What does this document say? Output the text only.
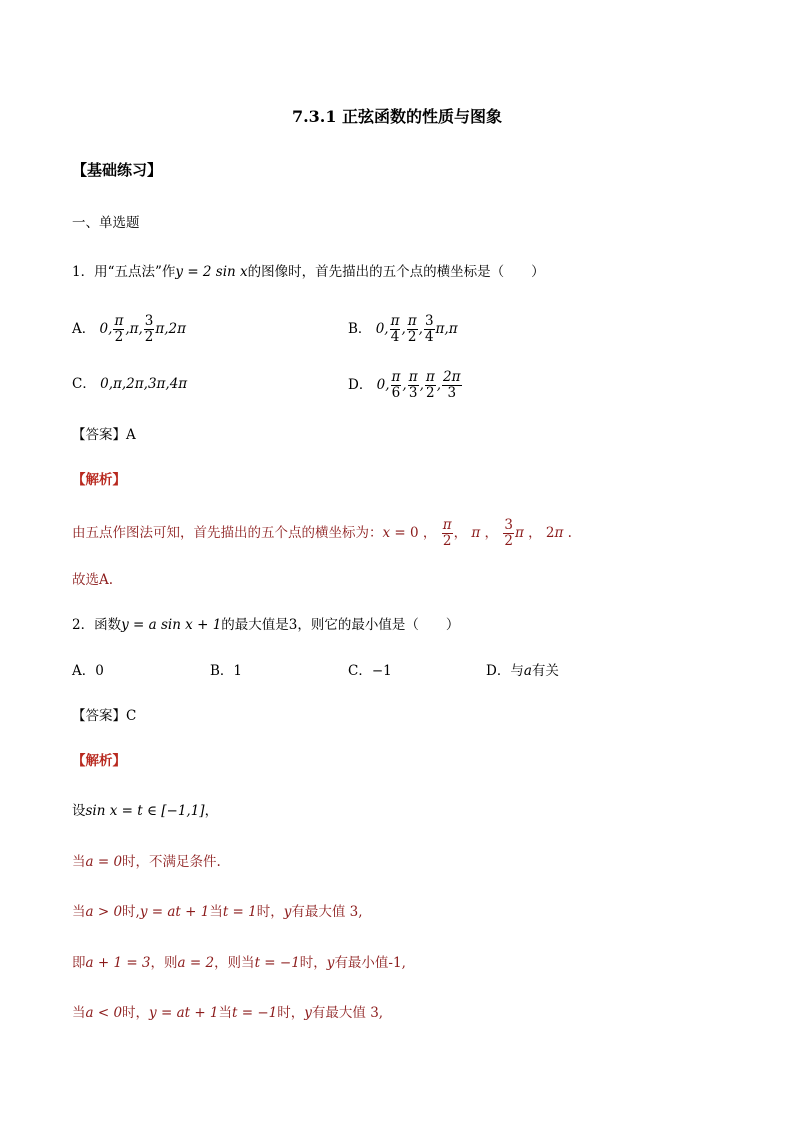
7.3.1 正弦函数的性质与图象
【基础练习】
一、单选题
1．用“五点法”作y = 2 sin x的图像时，首先描出的五个点的横坐标是（　　）
A． 0, $\frac{\pi}{2} ,\pi$, $\frac{3}{2} \pi,2\pi$	B． 0, $\frac{\pi}{4}$ , $\frac{\pi}{2}$ , $\frac{3}{4} \pi,\pi$
C． 0,π,2π,3π,4π	D． 0, $\frac{\pi}{6}$ , $\frac{\pi}{3}$ , $\frac{\pi}{2}$ , $\frac{2\pi}{3}$
【答案】A
【解析】
由五点作图法可知，首先描出的五个点的横坐标为：x = 0 ， $\frac{\pi}{2}$ ， π ， $\frac{3}{2}$ π ， 2π .
故选A.
2．函数y = a sin x + 1的最大值是3，则它的最小值是（　　）
A．0	B．1	C．−1	D．与a有关
【答案】C
【解析】
设sin x = t ∈ [−1,1]，
当a = 0时，不满足条件.
当a > 0时,y = at + 1当t = 1时，y有最大值 3,
即a + 1 = 3，则a = 2，则当t = −1时，y有最小值-1,
当a < 0时，y = at + 1当t = −1时，y有最大值 3,
